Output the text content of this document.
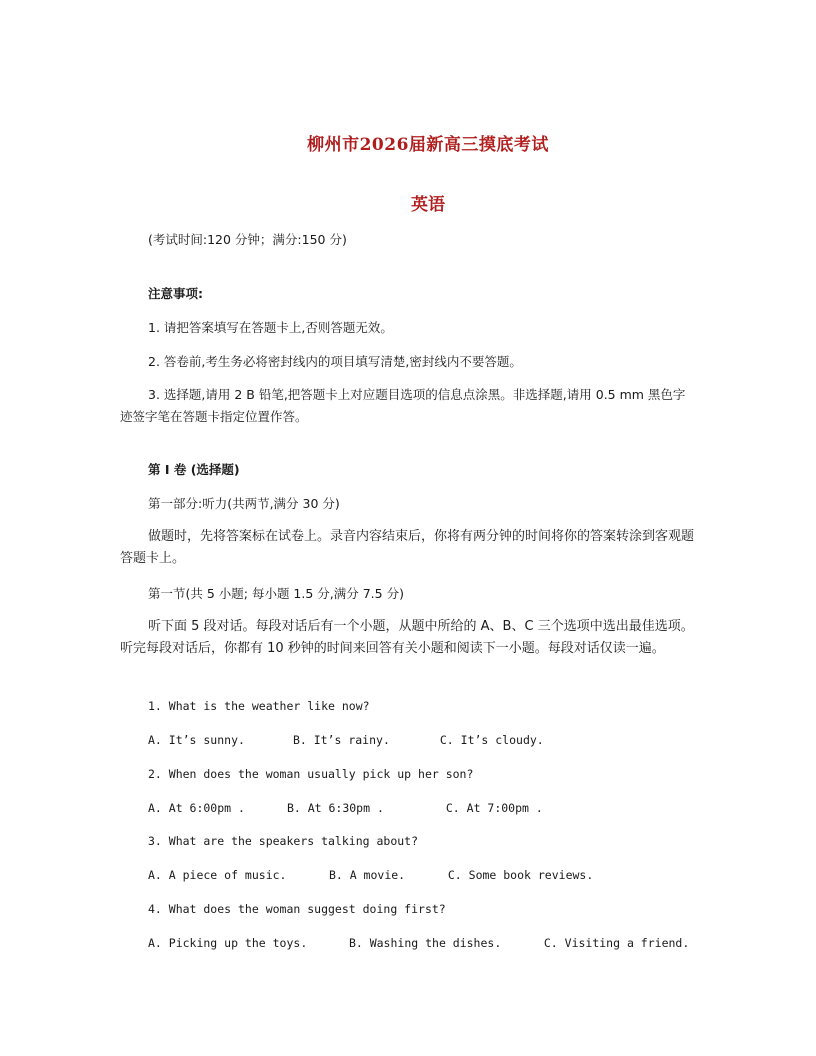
柳州市2026届新高三摸底考试
英语
(考试时间:120 分钟；满分:150 分)
注意事项:
1. 请把答案填写在答题卡上,否则答题无效。
2. 答卷前,考生务必将密封线内的项目填写清楚,密封线内不要答题。
3. 选择题,请用 2 B 铅笔,把答题卡上对应题目选项的信息点涂黑。非选择题,请用 0.5 mm 黑色字迹签字笔在答题卡指定位置作答。
第 I 卷 (选择题)
第一部分:听力(共两节,满分 30 分)
做题时，先将答案标在试卷上。录音内容结束后，你将有两分钟的时间将你的答案转涂到客观题答题卡上。
第一节(共 5 小题; 每小题 1.5 分,满分 7.5 分)
听下面 5 段对话。每段对话后有一个小题，从题中所给的 A、B、C 三个选项中选出最佳选项。听完每段对话后，你都有 10 秒钟的时间来回答有关小题和阅读下一小题。每段对话仅读一遍。
1. What is the weather like now?
A. It’s sunny.	B. It’s rainy.	C. It’s cloudy.
2. When does the woman usually pick up her son?
A. At 6:00pm .	B. At 6:30pm .	C. At 7:00pm .
3. What are the speakers talking about?
A. A piece of music.	B. A movie.	C. Some book reviews.
4. What does the woman suggest doing first?
A. Picking up the toys.	B. Washing the dishes.	C. Visiting a friend.
